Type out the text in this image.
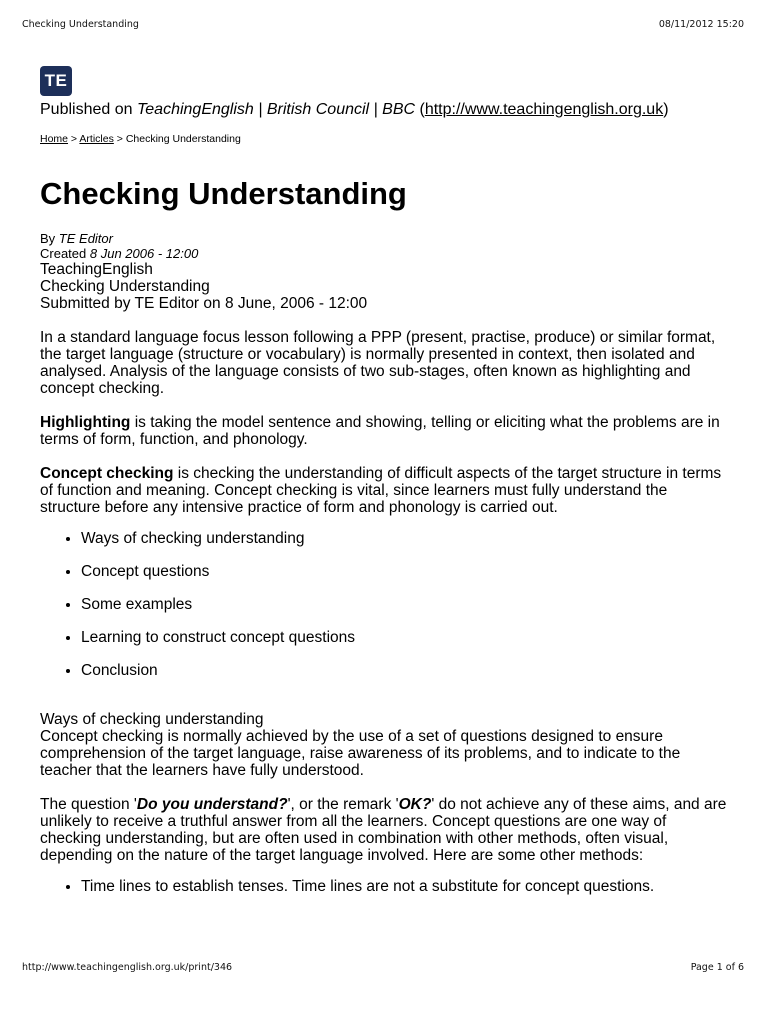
Checking Understanding	08/11/2012 15:20
TE
Published on TeachingEnglish | British Council | BBC (http://www.teachingenglish.org.uk)
Home > Articles > Checking Understanding
Checking Understanding
By TE Editor
Created 8 Jun 2006 - 12:00
TeachingEnglish
Checking Understanding
Submitted by TE Editor on 8 June, 2006 - 12:00

In a standard language focus lesson following a PPP (present, practise, produce) or similar format, the target language (structure or vocabulary) is normally presented in context, then isolated and analysed. Analysis of the language consists of two sub-stages, often known as highlighting and concept checking.

Highlighting is taking the model sentence and showing, telling or eliciting what the problems are in terms of form, function, and phonology.

Concept checking is checking the understanding of difficult aspects of the target structure in terms of function and meaning. Concept checking is vital, since learners must fully understand the structure before any intensive practice of form and phonology is carried out.

• Ways of checking understanding
• Concept questions
• Some examples
• Learning to construct concept questions
• Conclusion
Ways of checking understanding

Concept checking is normally achieved by the use of a set of questions designed to ensure comprehension of the target language, raise awareness of its problems, and to indicate to the teacher that the learners have fully understood.

The question 'Do you understand?', or the remark 'OK?' do not achieve any of these aims, and are unlikely to receive a truthful answer from all the learners. Concept questions are one way of checking understanding, but are often used in combination with other methods, often visual, depending on the nature of the target language involved. Here are some other methods:

• Time lines to establish tenses. Time lines are not a substitute for concept questions.
http://www.teachingenglish.org.uk/print/346	Page 1 of 6
